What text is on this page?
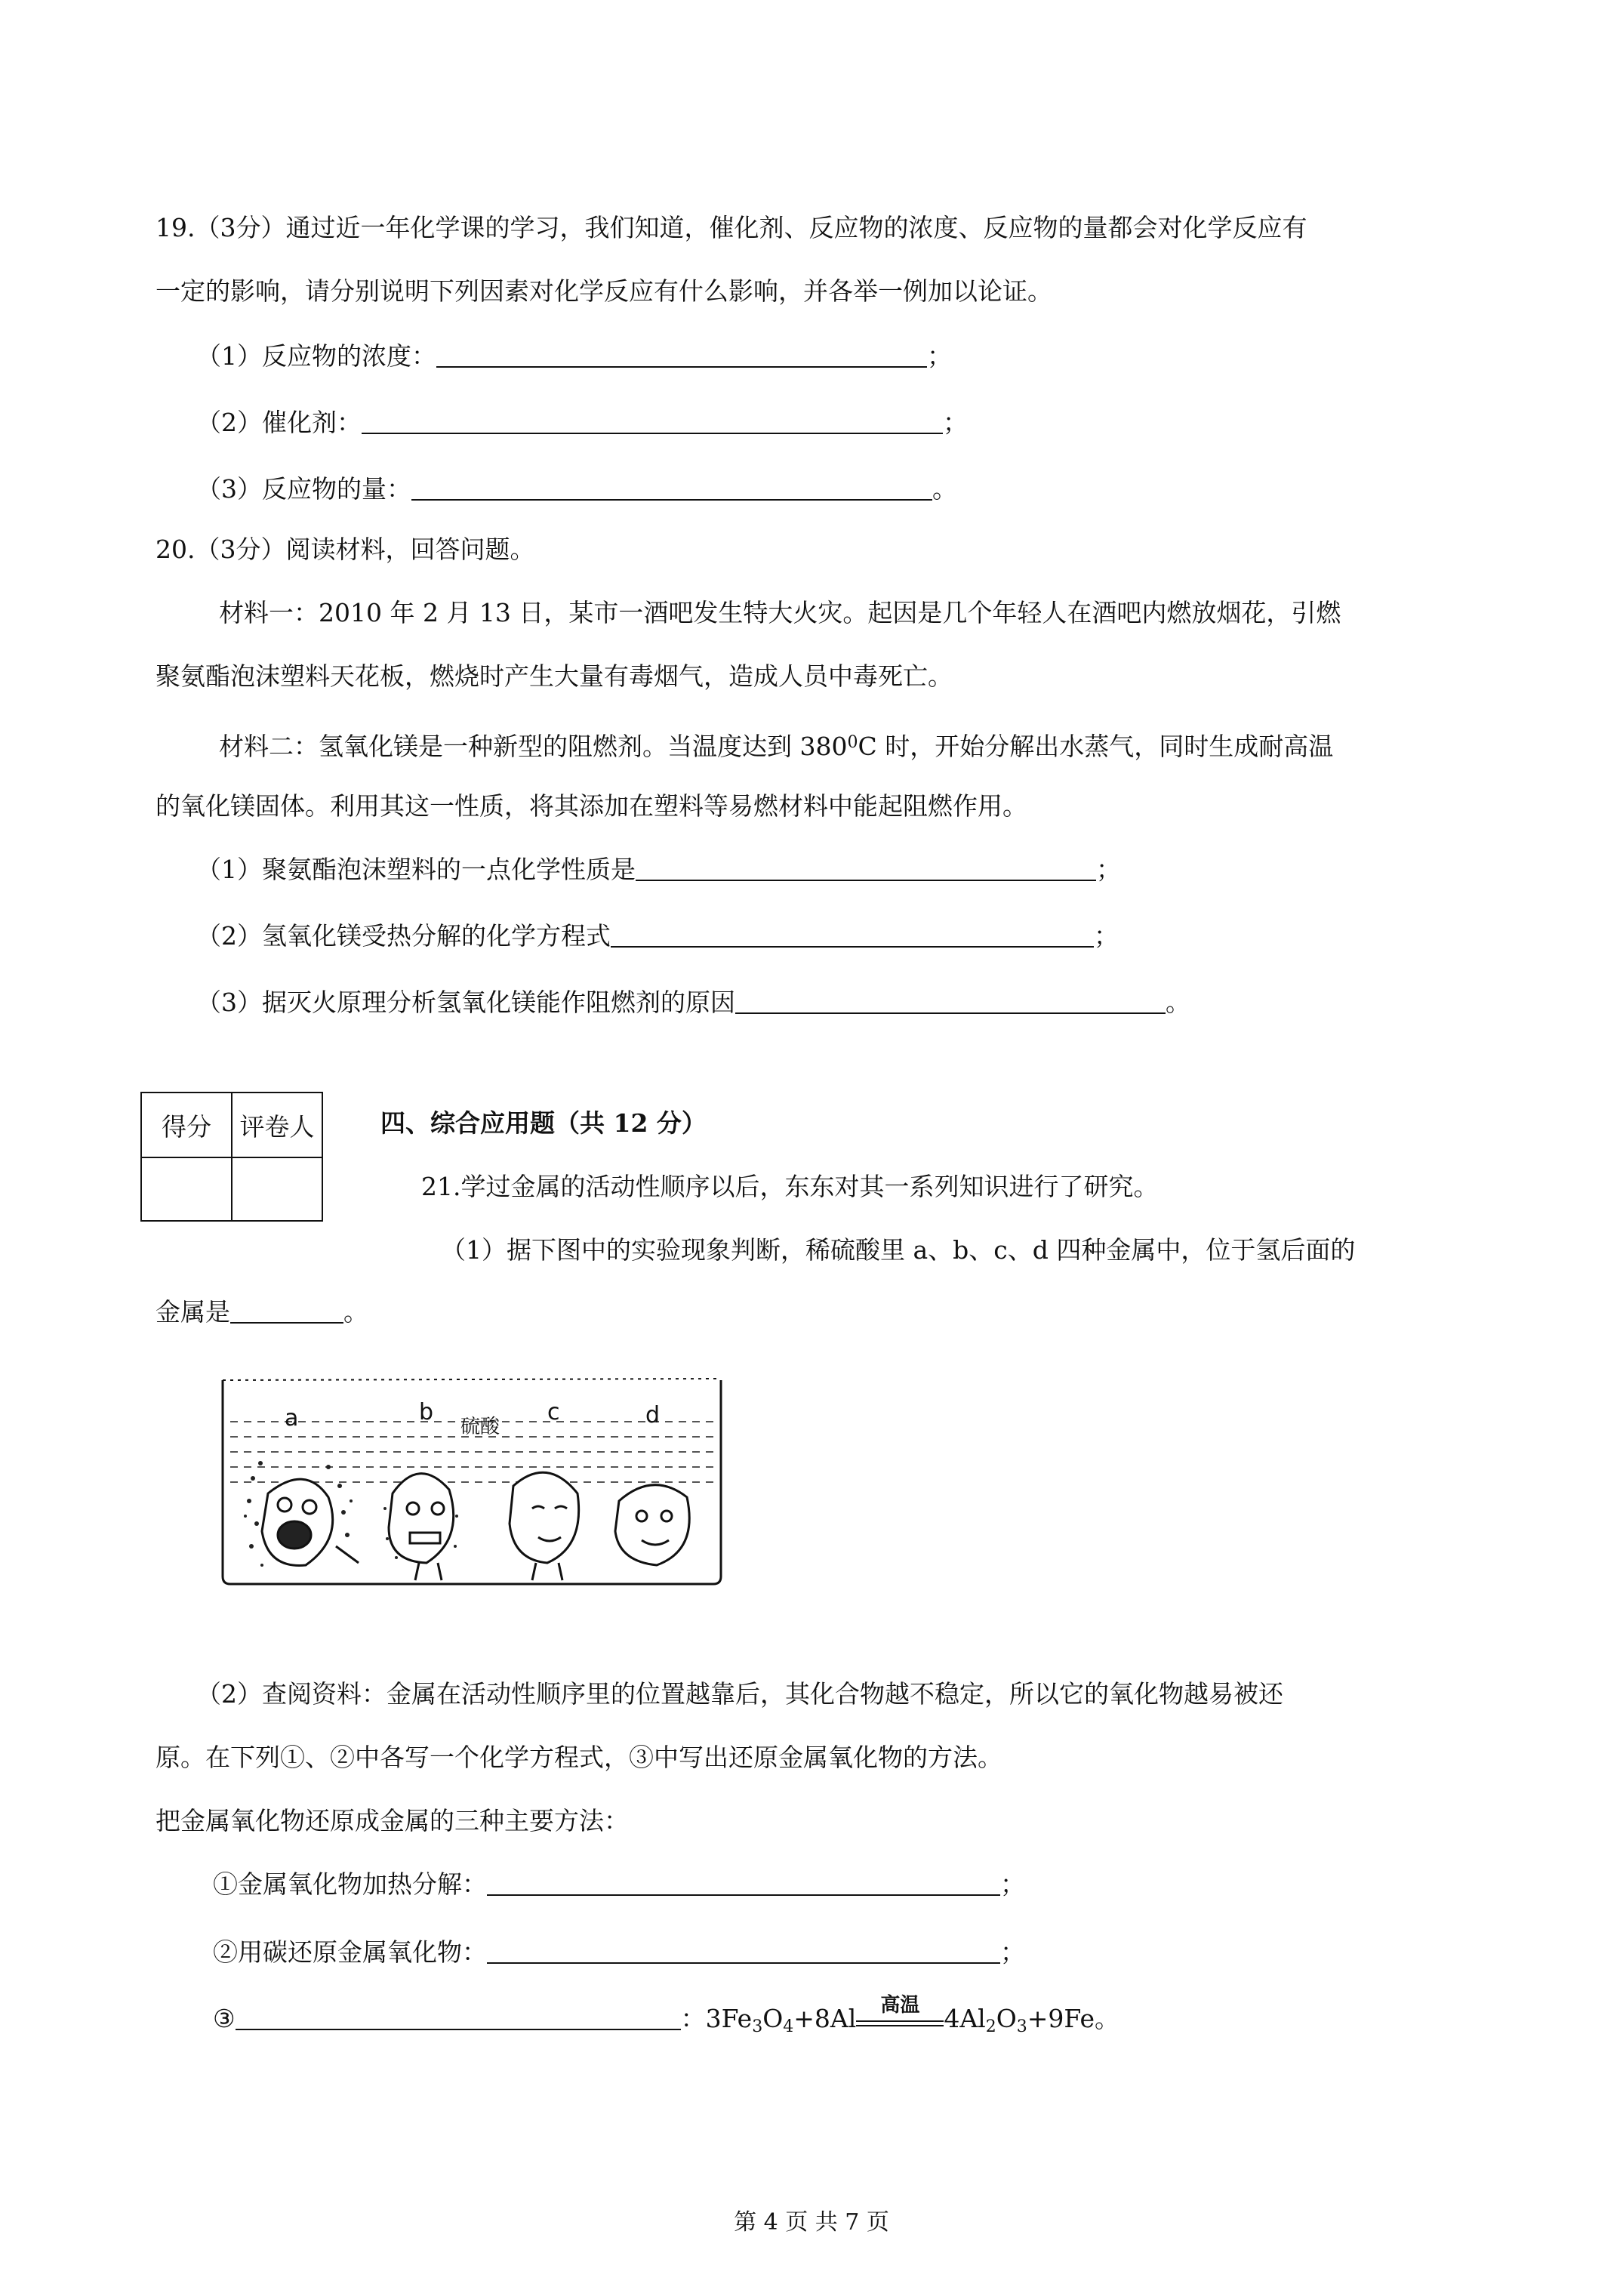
19.（3分）通过近一年化学课的学习，我们知道，催化剂、反应物的浓度、反应物的量都会对化学反应有
一定的影响，请分别说明下列因素对化学反应有什么影响，并各举一例加以论证。
（1）反应物的浓度：	；
（2）催化剂：	；
（3）反应物的量：	。
20.（3分）阅读材料，回答问题。
材料一：2010 年 2 月 13 日，某市一酒吧发生特大火灾。起因是几个年轻人在酒吧内燃放烟花，引燃
聚氨酯泡沫塑料天花板，燃烧时产生大量有毒烟气，造成人员中毒死亡。
材料二：氢氧化镁是一种新型的阻燃剂。当温度达到 $380^0C$ 时，开始分解出水蒸气，同时生成耐高温
的氧化镁固体。利用其这一性质，将其添加在塑料等易燃材料中能起阻燃作用。
（1）聚氨酯泡沫塑料的一点化学性质是	；
（2）氢氧化镁受热分解的化学方程式	；
（3）据灭火原理分析氢氧化镁能作阻燃剂的原因	。
得分	评卷人
		四、综合应用题（共 12 分）
21.学过金属的活动性顺序以后，东东对其一系列知识进行了研究。
（1）据下图中的实验现象判断，稀硫酸里 a、b、c、d 四种金属中，位于氢后面的
金属是	。
a	b
硫酸
c	d
（2）查阅资料：金属在活动性顺序里的位置越靠后，其化合物越不稳定，所以它的氧化物越易被还
原。在下列①、②中各写一个化学方程式，③中写出还原金属氧化物的方法。
把金属氧化物还原成金属的三种主要方法：
①金属氧化物加热分解：	；
②用碳还原金属氧化物：	；
③	：$3Fe_3O_4+8Al$	高温 $4Al_2O_3+9Fe$。
第 4 页 共 7 页
